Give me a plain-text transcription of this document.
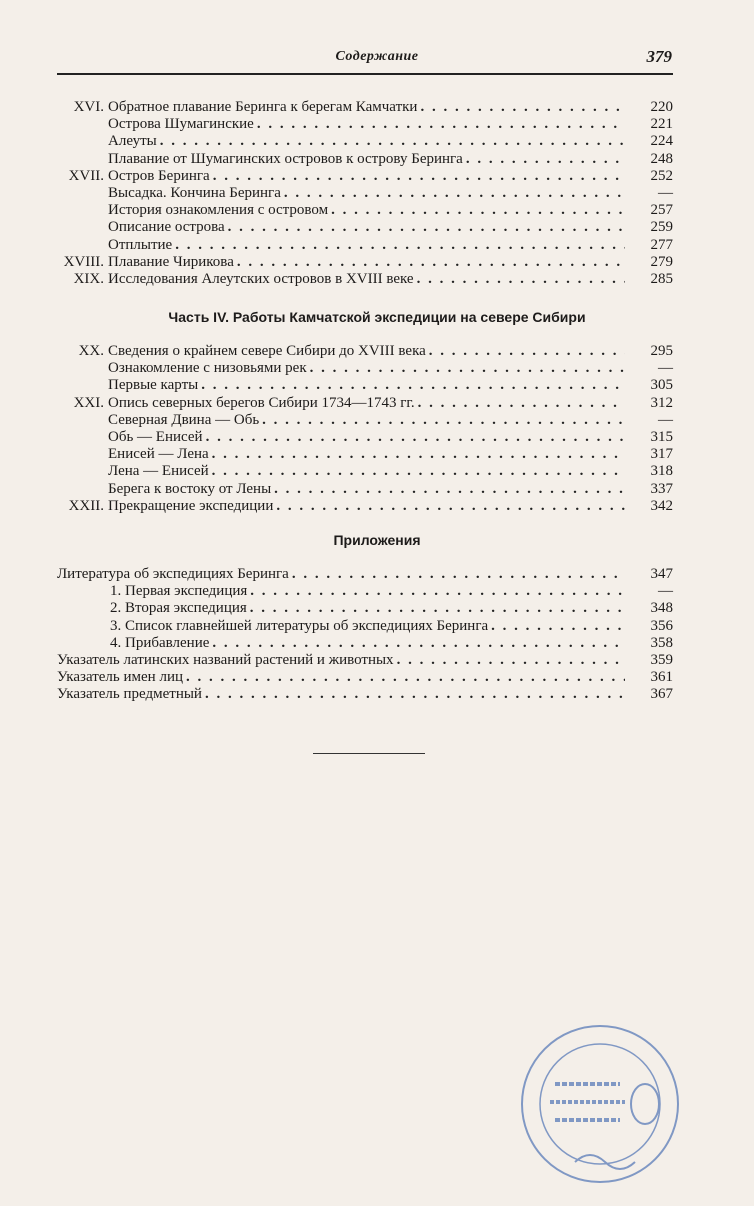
Содержание	379
XVI. Обратное плавание Беринга к берегам Камчатки . . .	220
Острова Шумагинские . . .	221
Алеуты . . .	224
Плавание от Шумагинских островов к острову Беринга . . .	248
XVII. Остров Беринга . . .	252
Высадка. Кончина Беринга . . .	—
История ознакомления с островом . . .	257
Описание острова . . .	259
Отплытие . . .	277
XVIII. Плавание Чирикова . . .	279
XIX. Исследования Алеутских островов в XVIII веке . . .	285
Часть IV. Работы Камчатской экспедиции на севере Сибири
XX. Сведения о крайнем севере Сибири до XVIII века . . .	295
Ознакомление с низовьями рек . . .	—
Первые карты . . .	305
XXI. Опись северных берегов Сибири 1734—1743 гг. . . .	312
Северная Двина — Обь . . .	—
Обь — Енисей . . .	315
Енисей — Лена . . .	317
Лена — Енисей . . .	318
Берега к востоку от Лены . . .	337
XXII. Прекращение экспедиции . . .	342
Приложения
Литература об экспедициях Беринга . . .	347
1. Первая экспедиция . . .	—
2. Вторая экспедиция . . .	348
3. Список главнейшей литературы об экспедициях Беринга . . .	356
4. Прибавление . . .	358
Указатель латинских названий растений и животных . . .	359
Указатель имен лиц . . .	361
Указатель предметный . . .	367
